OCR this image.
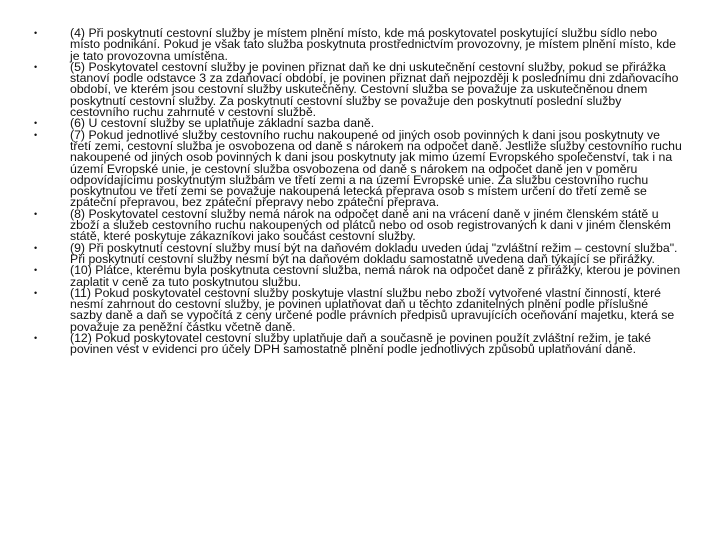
•	(4) Při poskytnutí cestovní služby je místem plnění místo, kde má poskytovatel poskytující službu sídlo nebo místo podnikání. Pokud je však tato služba poskytnuta prostřednictvím provozovny, je místem plnění místo, kde je tato provozovna umístěna.
•	(5) Poskytovatel cestovní služby je povinen přiznat daň ke dni uskutečnění cestovní služby, pokud se přirážka stanoví podle odstavce 3 za zdaňovací období, je povinen přiznat daň nejpozději k poslednímu dni zdaňovacího období, ve kterém jsou cestovní služby uskutečněny. Cestovní služba se považuje za uskutečněnou dnem poskytnutí cestovní služby. Za poskytnutí cestovní služby se považuje den poskytnutí poslední služby cestovního ruchu zahrnuté v cestovní službě.
•	(6) U cestovní služby se uplatňuje základní sazba daně.
•	(7) Pokud jednotlivé služby cestovního ruchu nakoupené od jiných osob povinných k dani jsou poskytnuty ve třetí zemi, cestovní služba je osvobozena od daně s nárokem na odpočet daně. Jestliže služby cestovního ruchu nakoupené od jiných osob povinných k dani jsou poskytnuty jak mimo území Evropského společenství, tak i na území Evropské unie, je cestovní služba osvobozena od daně s nárokem na odpočet daně jen v poměru odpovídajícímu poskytnutým službám ve třetí zemi a na území Evropské unie. Za službu cestovního ruchu poskytnutou ve třetí zemi se považuje nakoupená letecká přeprava osob s místem určení do třetí země se zpáteční přepravou, bez zpáteční přepravy nebo zpáteční přeprava.
•	(8) Poskytovatel cestovní služby nemá nárok na odpočet daně ani na vrácení daně v jiném členském státě u zboží a služeb cestovního ruchu nakoupených od plátců nebo od osob registrovaných k dani v jiném členském státě, které poskytuje zákazníkovi jako součást cestovní služby.
•	(9) Při poskytnutí cestovní služby musí být na daňovém dokladu uveden údaj "zvláštní režim – cestovní služba". Při poskytnutí cestovní služby nesmí být na daňovém dokladu samostatně uvedena daň týkající se přirážky.
•	(10) Plátce, kterému byla poskytnuta cestovní služba, nemá nárok na odpočet daně z přirážky, kterou je povinen zaplatit v ceně za tuto poskytnutou službu.
•	(11) Pokud poskytovatel cestovní služby poskytuje vlastní službu nebo zboží vytvořené vlastní činností, které nesmí zahrnout do cestovní služby, je povinen uplatňovat daň u těchto zdanitelných plnění podle příslušné sazby daně a daň se vypočítá z ceny určené podle právních předpisů upravujících oceňování majetku, která se považuje za peněžní částku včetně daně.
•	(12) Pokud poskytovatel cestovní služby uplatňuje daň a současně je povinen použít zvláštní režim, je také povinen vést v evidenci pro účely DPH samostatně plnění podle jednotlivých způsobů uplatňování daně.
